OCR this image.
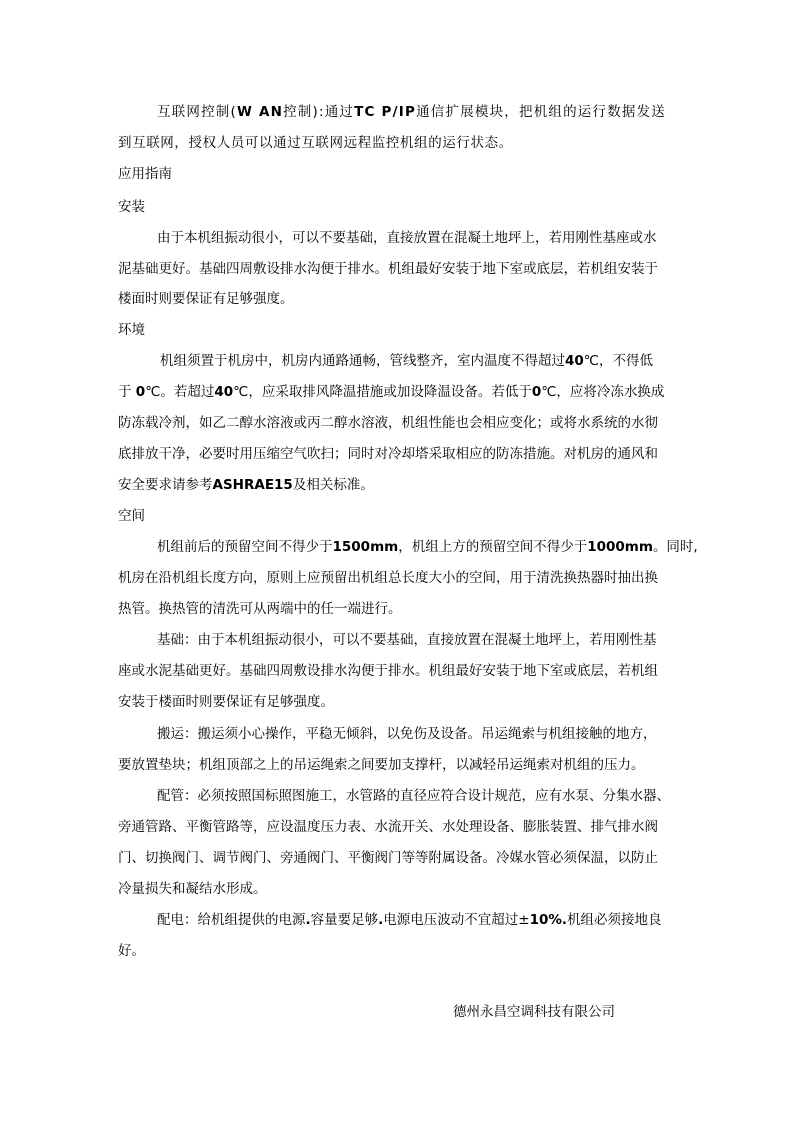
互联网控制(W AN控制):通过TC P/IP通信扩展模块，把机组的运行数据发送
到互联网，授权人员可以通过互联网远程监控机组的运行状态。
应用指南
安装
由于本机组振动很小，可以不要基础，直接放置在混凝土地坪上，若用刚性基座或水
泥基础更好。基础四周敷设排水沟便于排水。机组最好安装于地下室或底层，若机组安装于
楼面时则要保证有足够强度。
环境
机组须置于机房中，机房内通路通畅，管线整齐，室内温度不得超过40℃，不得低
于 0℃。若超过40℃，应采取排风降温措施或加设降温设备。若低于0℃，应将冷冻水换成
防冻载冷剂，如乙二醇水溶液或丙二醇水溶液，机组性能也会相应变化；或将水系统的水彻
底排放干净，必要时用压缩空气吹扫；同时对冷却塔采取相应的防冻措施。对机房的通风和
安全要求请参考ASHRAE15及相关标准。
空间
机组前后的预留空间不得少于1500mm，机组上方的预留空间不得少于1000mm。同时,
机房在沿机组长度方向，原则上应预留出机组总长度大小的空间，用于清洗换热器时抽出换
热管。换热管的清洗可从两端中的任一端进行。
基础：由于本机组振动很小，可以不要基础，直接放置在混凝土地坪上，若用刚性基
座或水泥基础更好。基础四周敷设排水沟便于排水。机组最好安装于地下室或底层，若机组
安装于楼面时则要保证有足够强度。
搬运：搬运须小心操作，平稳无倾斜，以免伤及设备。吊运绳索与机组接触的地方，
要放置垫块；机组顶部之上的吊运绳索之间要加支撑杆，以减轻吊运绳索对机组的压力。
配管：必须按照国标照图施工，水管路的直径应符合设计规范，应有水泵、分集水器、
旁通管路、平衡管路等，应设温度压力表、水流开关、水处理设备、膨胀装置、排气排水阀
门、切换阀门、调节阀门、旁通阀门、平衡阀门等等附属设备。冷媒水管必须保温，以防止
冷量损失和凝结水形成。
配电：给机组提供的电源.容量要足够.电源电压波动不宜超过±10%.机组必须接地良
好。
德州永昌空调科技有限公司
